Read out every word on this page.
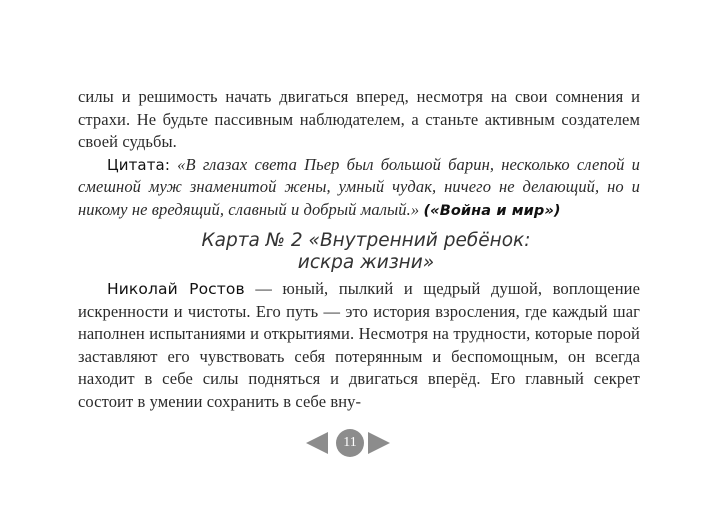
силы и решимость начать двигаться вперед, несмотря на свои сомнения и страхи. Не будьте пассивным наблюдателем, а станьте активным создателем своей судьбы.

Цитата: «В глазах света Пьер был большой барин, несколько слепой и смешной муж знаменитой жены, умный чудак, ничего не делающий, но и никому не вредящий, славный и добрый малый.» («Война и мир»)

Карта № 2 «Внутренний ребёнок:
искра жизни»

Николай Ростов — юный, пылкий и щедрый душой, воплощение искренности и чистоты. Его путь — это история взросления, где каждый шаг наполнен испытаниями и открытиями. Несмотря на трудности, которые порой заставляют его чувствовать себя потерянным и беспомощным, он всегда находит в себе силы подняться и двигаться вперёд. Его главный секрет состоит в умении сохранить в себе вну-

11
